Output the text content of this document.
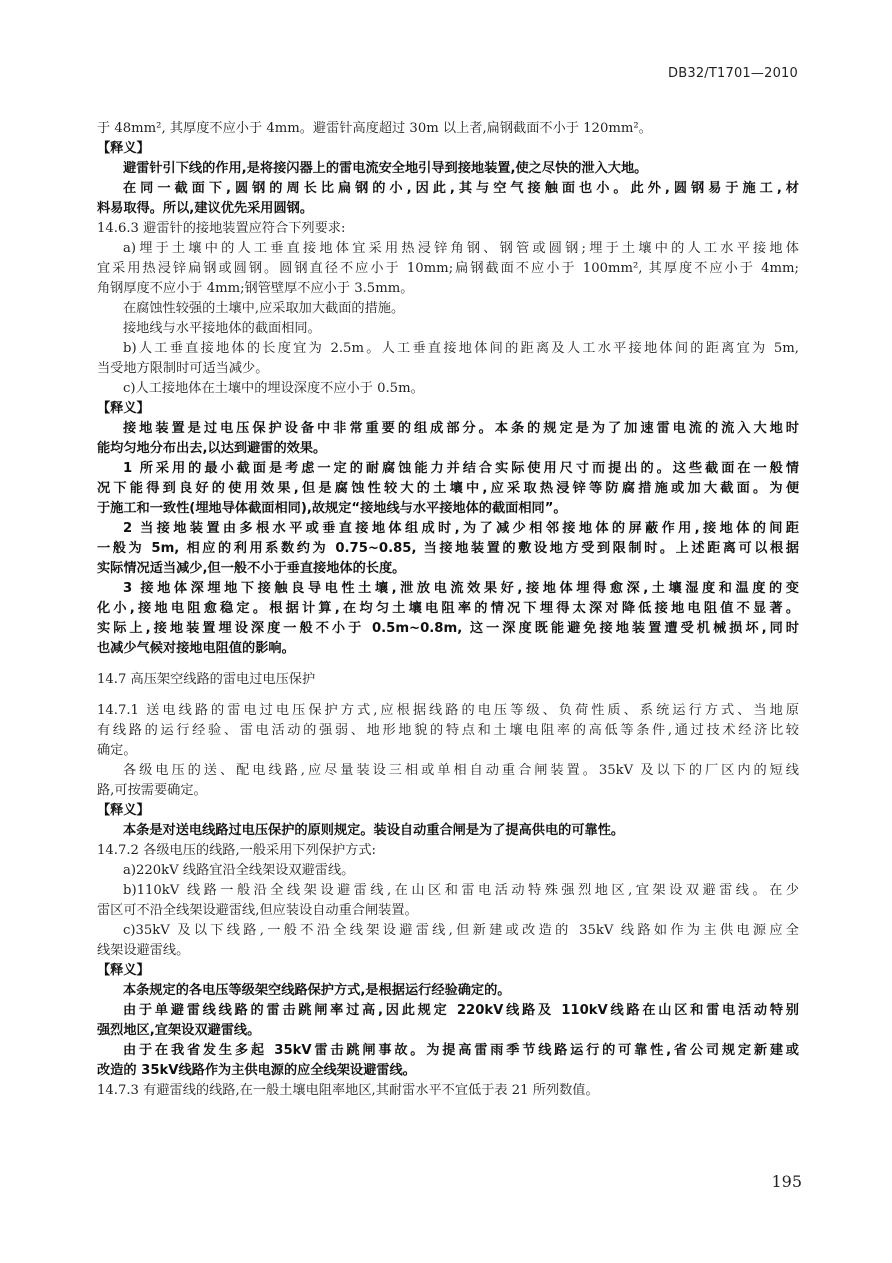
DB32/T1701—2010
于 48mm², 其厚度不应小于 4mm。避雷针高度超过 30m 以上者,扁钢截面不小于 120mm²。
【释义】
避雷针引下线的作用,是将接闪器上的雷电流安全地引导到接地装置,使之尽快的泄入大地。
在同一截面下,圆钢的周长比扁钢的小,因此,其与空气接触面也小。此外,圆钢易于施工,材
料易取得。所以,建议优先采用圆钢。
14.6.3 避雷针的接地装置应符合下列要求:
a)埋于土壤中的人工垂直接地体宜采用热浸锌角钢、钢管或圆钢;埋于土壤中的人工水平接地体
宜采用热浸锌扁钢或圆钢。圆钢直径不应小于 10mm;扁钢截面不应小于 100mm², 其厚度不应小于 4mm;
角钢厚度不应小于 4mm;钢管壁厚不应小于 3.5mm。
在腐蚀性较强的土壤中,应采取加大截面的措施。
接地线与水平接地体的截面相同。
b)人工垂直接地体的长度宜为 2.5m。人工垂直接地体间的距离及人工水平接地体间的距离宜为 5m,
当受地方限制时可适当减少。
c)人工接地体在土壤中的埋设深度不应小于 0.5m。
【释义】
接地装置是过电压保护设备中非常重要的组成部分。本条的规定是为了加速雷电流的流入大地时
能均匀地分布出去,以达到避雷的效果。
1 所采用的最小截面是考虑一定的耐腐蚀能力并结合实际使用尺寸而提出的。这些截面在一般情
况下能得到良好的使用效果,但是腐蚀性较大的土壤中,应采取热浸锌等防腐措施或加大截面。为便
于施工和一致性(埋地导体截面相同),故规定“接地线与水平接地体的截面相同”。
2 当接地装置由多根水平或垂直接地体组成时,为了减少相邻接地体的屏蔽作用,接地体的间距
一般为 5m, 相应的利用系数约为 0.75~0.85, 当接地装置的敷设地方受到限制时。上述距离可以根据
实际情况适当减少,但一般不小于垂直接地体的长度。
3 接地体深埋地下接触良导电性土壤,泄放电流效果好,接地体埋得愈深,土壤湿度和温度的变
化小,接地电阻愈稳定。根据计算,在均匀土壤电阻率的情况下埋得太深对降低接地电阻值不显著。
实际上,接地装置埋设深度一般不小于 0.5m~0.8m, 这一深度既能避免接地装置遭受机械损坏,同时
也减少气候对接地电阻值的影响。
14.7 高压架空线路的雷电过电压保护
14.7.1 送电线路的雷电过电压保护方式,应根据线路的电压等级、负荷性质、系统运行方式、当地原
有线路的运行经验、雷电活动的强弱、地形地貌的特点和土壤电阻率的高低等条件,通过技术经济比较
确定。
各级电压的送、配电线路,应尽量装设三相或单相自动重合闸装置。35kV 及以下的厂区内的短线
路,可按需要确定。
【释义】
本条是对送电线路过电压保护的原则规定。装设自动重合闸是为了提高供电的可靠性。
14.7.2 各级电压的线路,一般采用下列保护方式:
a)220kV 线路宜沿全线架设双避雷线。
b)110kV 线路一般沿全线架设避雷线,在山区和雷电活动特殊强烈地区,宜架设双避雷线。在少
雷区可不沿全线架设避雷线,但应装设自动重合闸装置。
c)35kV 及以下线路,一般不沿全线架设避雷线,但新建或改造的 35kV 线路如作为主供电源应全
线架设避雷线。
【释义】
本条规定的各电压等级架空线路保护方式,是根据运行经验确定的。
由于单避雷线线路的雷击跳闸率过高,因此规定 220kV线路及 110kV线路在山区和雷电活动特别
强烈地区,宜架设双避雷线。
由于在我省发生多起 35kV雷击跳闸事故。为提高雷雨季节线路运行的可靠性,省公司规定新建或
改造的 35kV线路作为主供电源的应全线架设避雷线。
14.7.3 有避雷线的线路,在一般土壤电阻率地区,其耐雷水平不宜低于表 21 所列数值。
195
